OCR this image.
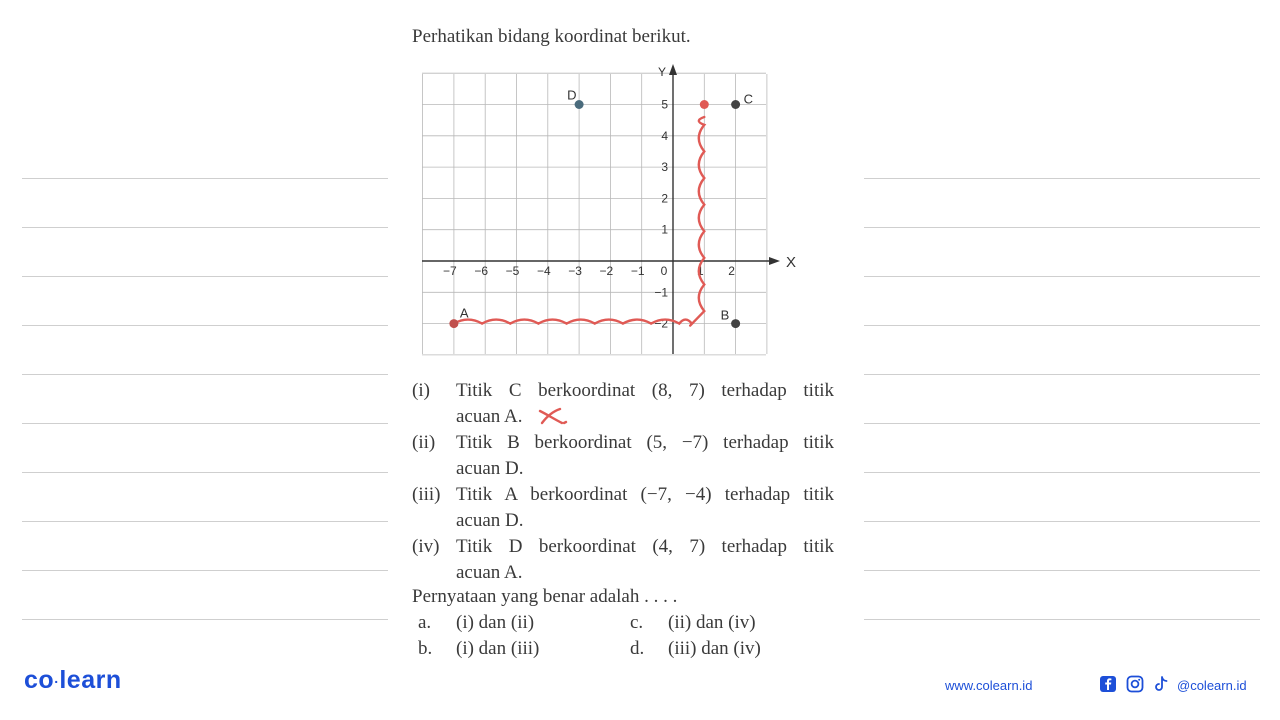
X
Y
−7 −6 −5 −4 −3 −2 −1 0 1 2
5
4
3
2
1
−1
−2
A	B
C
D
Perhatikan bidang koordinat berikut.
(i) Titik C berkoordinat (8, 7) terhadap titik
acuan A.
(ii) Titik B berkoordinat (5, −7) terhadap titik
acuan D.
(iii) Titik A berkoordinat (−7, −4) terhadap titik
acuan D.
(iv) Titik D berkoordinat (4, 7) terhadap titik
acuan A.
Pernyataan yang benar adalah . . . .
a. (i) dan (ii)
b. (i) dan (iii)
c. (ii) dan (iv)
d. (iii) dan (iv)
co·learn	www.colearn.id	@colearn.id
